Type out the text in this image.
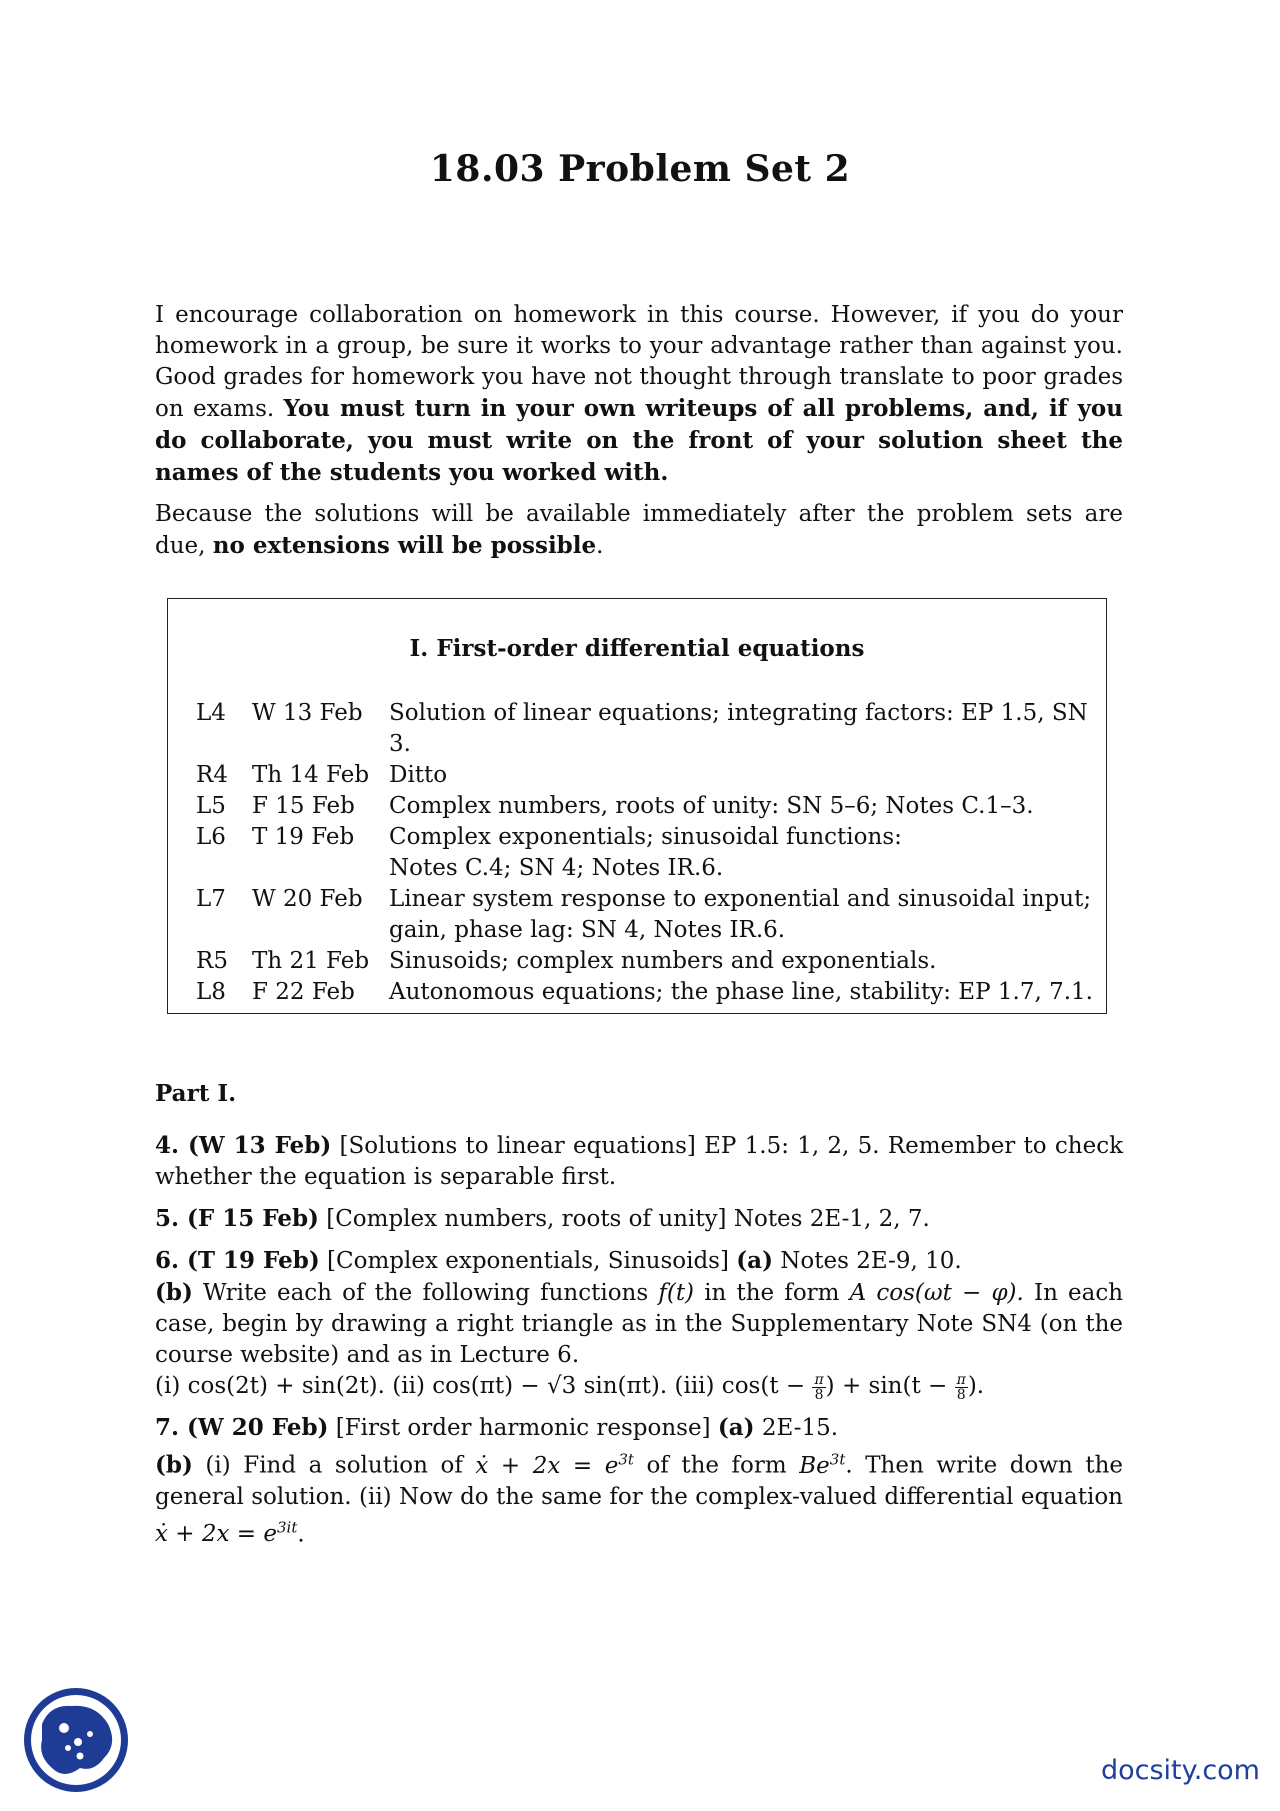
18.03 Problem Set 2

I encourage collaboration on homework in this course. However, if you do your homework in a group, be sure it works to your advantage rather than against you. Good grades for homework you have not thought through translate to poor grades on exams. You must turn in your own writeups of all problems, and, if you do collaborate, you must write on the front of your solution sheet the names of the students you worked with.

Because the solutions will be available immediately after the problem sets are due, no extensions will be possible.

I. First-order differential equations
L4	W 13 Feb	Solution of linear equations; integrating factors: EP 1.5, SN 3.
R4	Th 14 Feb	Ditto
L5	F 15 Feb	Complex numbers, roots of unity: SN 5–6; Notes C.1–3.
L6	T 19 Feb	Complex exponentials; sinusoidal functions:
Notes C.4; SN 4; Notes IR.6.
L7	W 20 Feb	Linear system response to exponential and sinusoidal input;
gain, phase lag: SN 4, Notes IR.6.
R5	Th 21 Feb	Sinusoids; complex numbers and exponentials.
L8	F 22 Feb	Autonomous equations; the phase line, stability: EP 1.7, 7.1.
Part I.
4. (W 13 Feb) [Solutions to linear equations] EP 1.5: 1, 2, 5. Remember to check whether the equation is separable first.
5. (F 15 Feb) [Complex numbers, roots of unity] Notes 2E-1, 2, 7.
6. (T 19 Feb) [Complex exponentials, Sinusoids] (a) Notes 2E-9, 10.
(b) Write each of the following functions f(t) in the form A cos(ωt − φ). In each case, begin by drawing a right triangle as in the Supplementary Note SN4 (on the course website) and as in Lecture 6.
(i) cos(2t) + sin(2t). (ii) cos(πt) − √3 sin(πt). (iii) $\cos(t - \frac{\pi}{8}$ ) + $\sin(t - \frac{\pi}{8}$ ).
7. (W 20 Feb) [First order harmonic response] (a) 2E-15.
(b) (i) Find a solution of ẋ + $2x = e^{3t}$ of the form $Be^{3t}$. Then write down the general solution. (ii) Now do the same for the complex-valued differential equation ẋ + $2x = e^{3it}$.
docsity.com
